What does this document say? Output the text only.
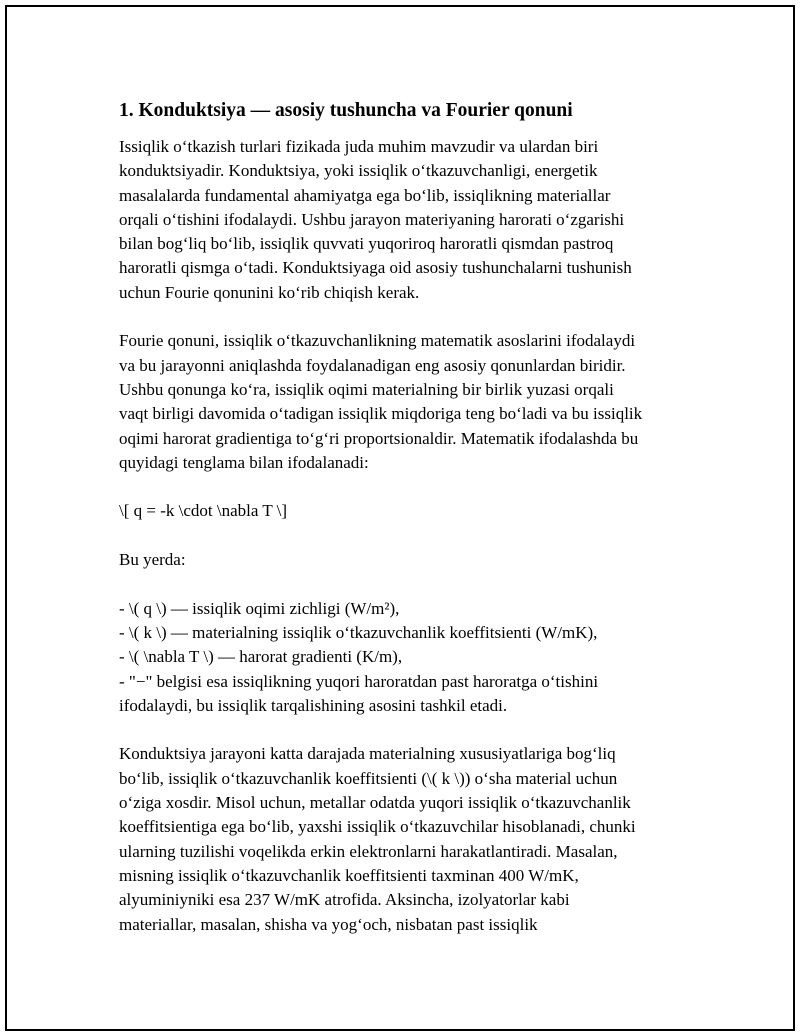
1. Konduktsiya — asosiy tushuncha va Fourier qonuni
Issiqlik o‘tkazish turlari fizikada juda muhim mavzudir va ulardan biri
konduktsiyadir. Konduktsiya, yoki issiqlik o‘tkazuvchanligi, energetik
masalalarda fundamental ahamiyatga ega bo‘lib, issiqlikning materiallar
orqali o‘tishini ifodalaydi. Ushbu jarayon materiyaning harorati o‘zgarishi
bilan bog‘liq bo‘lib, issiqlik quvvati yuqoriroq haroratli qismdan pastroq
haroratli qismga o‘tadi. Konduktsiyaga oid asosiy tushunchalarni tushunish
uchun Fourie qonunini ko‘rib chiqish kerak.
Fourie qonuni, issiqlik o‘tkazuvchanlikning matematik asoslarini ifodalaydi
va bu jarayonni aniqlashda foydalanadigan eng asosiy qonunlardan biridir.
Ushbu qonunga ko‘ra, issiqlik oqimi materialning bir birlik yuzasi orqali
vaqt birligi davomida o‘tadigan issiqlik miqdoriga teng bo‘ladi va bu issiqlik
oqimi harorat gradientiga to‘g‘ri proportsionaldir. Matematik ifodalashda bu
quyidagi tenglama bilan ifodalanadi:
\[ q = -k \cdot \nabla T \]
Bu yerda:
- \( q \) — issiqlik oqimi zichligi (W/m²),
- \( k \) — materialning issiqlik o‘tkazuvchanlik koeffitsienti (W/mK),
- \( \nabla T \) — harorat gradienti (K/m),
- "−" belgisi esa issiqlikning yuqori haroratdan past haroratga o‘tishini
ifodalaydi, bu issiqlik tarqalishining asosini tashkil etadi.
Konduktsiya jarayoni katta darajada materialning xususiyatlariga bog‘liq
bo‘lib, issiqlik o‘tkazuvchanlik koeffitsienti (\( k \)) o‘sha material uchun
o‘ziga xosdir. Misol uchun, metallar odatda yuqori issiqlik o‘tkazuvchanlik
koeffitsientiga ega bo‘lib, yaxshi issiqlik o‘tkazuvchilar hisoblanadi, chunki
ularning tuzilishi voqelikda erkin elektronlarni harakatlantiradi. Masalan,
misning issiqlik o‘tkazuvchanlik koeffitsienti taxminan 400 W/mK,
alyuminiyniki esa 237 W/mK atrofida. Aksincha, izolyatorlar kabi
materiallar, masalan, shisha va yog‘och, nisbatan past issiqlik
